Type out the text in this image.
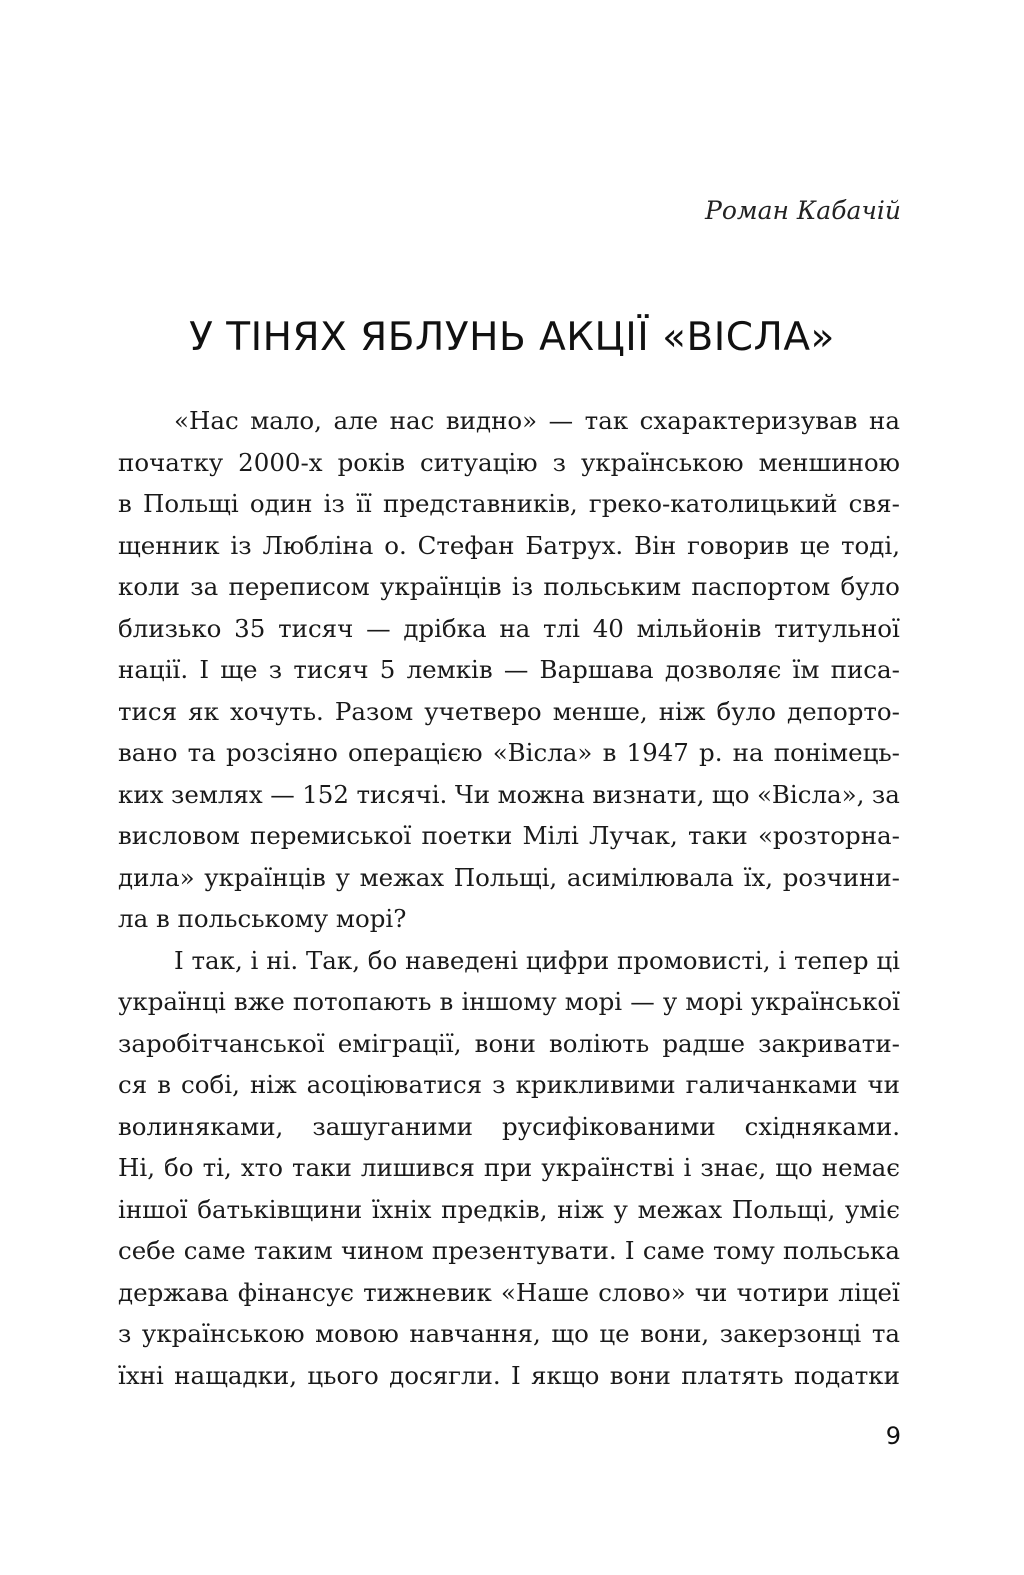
Роман Кабачій
У ТІНЯХ ЯБЛУНЬ АКЦІЇ «ВІСЛА»
«Нас мало, але нас видно» — так схарактеризував на
початку 2000-х років ситуацію з українською меншиною
в Польщі один із її представників, греко-католицький свя-
щенник із Любліна о. Стефан Батрух. Він говорив це тоді,
коли за переписом українців із польським паспортом було
близько 35 тисяч — дрібка на тлі 40 мільйонів титульної
нації. І ще з тисяч 5 лемків — Варшава дозволяє їм писа-
тися як хочуть. Разом учетверо менше, ніж було депорто-
вано та розсіяно операцією «Вісла» в 1947 р. на понімець-
ких землях — 152 тисячі. Чи можна визнати, що «Вісла», за
висловом перемиської поетки Мілі Лучак, таки «розторна-
дила» українців у межах Польщі, асимілювала їх, розчини-
ла в польському морі?
І так, і ні. Так, бо наведені цифри промовисті, і тепер ці
українці вже потопають в іншому морі — у морі української
заробітчанської еміграції, вони воліють радше закривати-
ся в собі, ніж асоціюватися з крикливими галичанками чи
волиняками, зашуганими русифікованими східняками.
Ні, бо ті, хто таки лишився при українстві і знає, що немає
іншої батьківщини їхніх предків, ніж у межах Польщі, уміє
себе саме таким чином презентувати. І саме тому польська
держава фінансує тижневик «Наше слово» чи чотири ліцеї
з українською мовою навчання, що це вони, закерзонці та
їхні нащадки, цього досягли. І якщо вони платять податки
9
